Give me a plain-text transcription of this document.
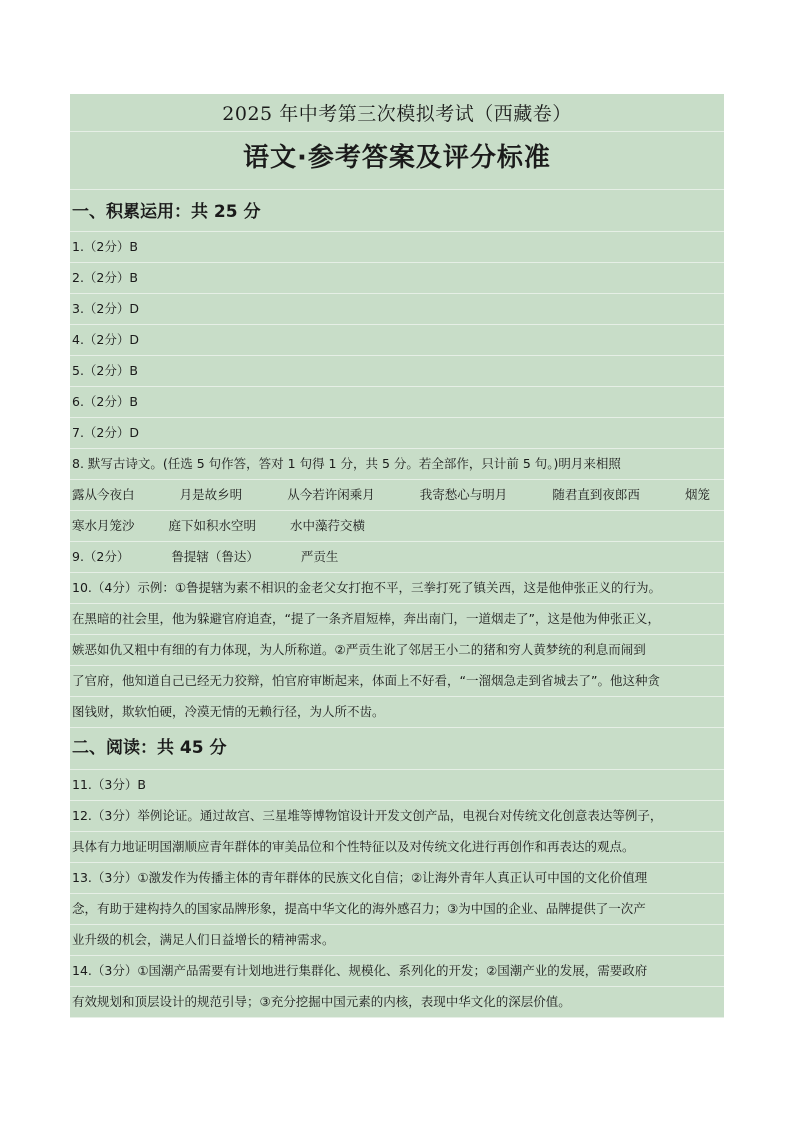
2025 年中考第三次模拟考试（西藏卷）
语文·参考答案及评分标准
一、积累运用：共 25 分
1.（2分）B
2.（2分）B
3.（2分）D
4.（2分）D
5.（2分）B
6.（2分）B
7.（2分）D
8. 默写古诗文。(任选 5 句作答，答对 1 句得 1 分，共 5 分。若全部作，只计前 5 句。)明月来相照
露从今夜白	月是故乡明	从今若许闲乘月	我寄愁心与明月	随君直到夜郎西	烟笼
寒水月笼沙	庭下如积水空明	水中藻荇交横
9.（2分）	鲁提辖（鲁达）	严贡生
10.（4分）示例：①鲁提辖为素不相识的金老父女打抱不平，三拳打死了镇关西，这是他伸张正义的行为。
在黑暗的社会里，他为躲避官府追查，“提了一条齐眉短棒，奔出南门，一道烟走了”，这是他为伸张正义，
嫉恶如仇又粗中有细的有力体现，为人所称道。②严贡生讹了邻居王小二的猪和穷人黄梦统的利息而闹到
了官府，他知道自己已经无力狡辩，怕官府审断起来，体面上不好看，“一溜烟急走到省城去了”。他这种贪
图钱财，欺软怕硬，冷漠无情的无赖行径，为人所不齿。
二、阅读：共 45 分
11.（3分）B
12.（3分）举例论证。通过故宫、三星堆等博物馆设计开发文创产品，电视台对传统文化创意表达等例子，
具体有力地证明国潮顺应青年群体的审美品位和个性特征以及对传统文化进行再创作和再表达的观点。
13.（3分）①激发作为传播主体的青年群体的民族文化自信；②让海外青年人真正认可中国的文化价值理
念，有助于建构持久的国家品牌形象，提高中华文化的海外感召力；③为中国的企业、品牌提供了一次产
业升级的机会，满足人们日益增长的精神需求。
14.（3分）①国潮产品需要有计划地进行集群化、规模化、系列化的开发；②国潮产业的发展，需要政府
有效规划和顶层设计的规范引导；③充分挖掘中国元素的内核，表现中华文化的深层价值。
